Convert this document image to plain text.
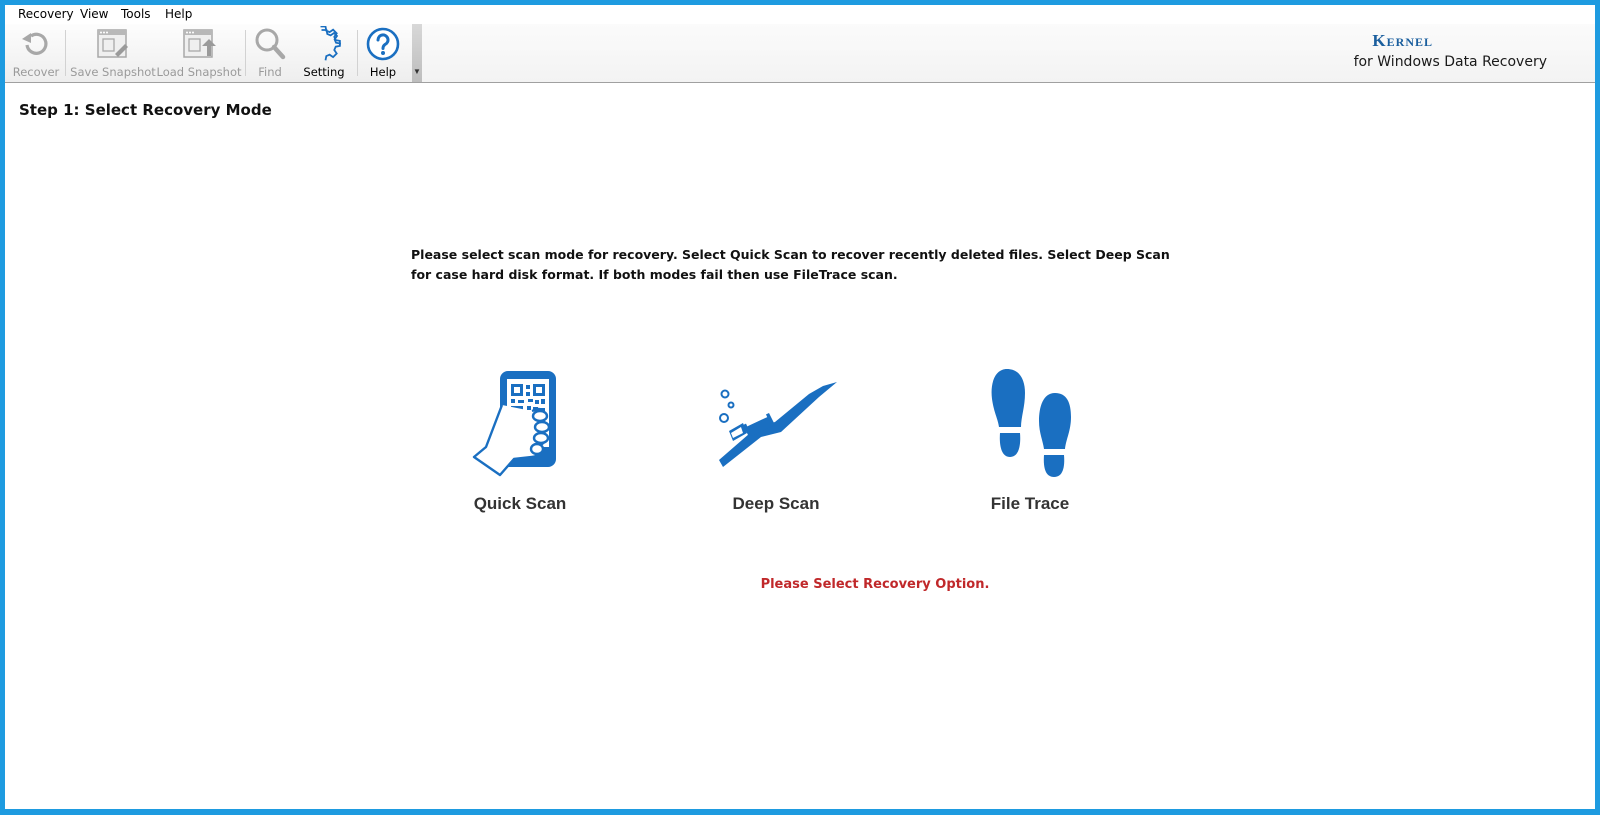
Recovery View Tools Help
Recover Save Snapshot Load Snapshot Find Setting Help ▼
Kernel
for Windows Data Recovery
Step 1: Select Recovery Mode
Please select scan mode for recovery. Select Quick Scan to recover recently deleted files. Select Deep Scan for case hard disk format. If both modes fail then use FileTrace scan.
Quick Scan	Deep Scan	File Trace
Please Select Recovery Option.
